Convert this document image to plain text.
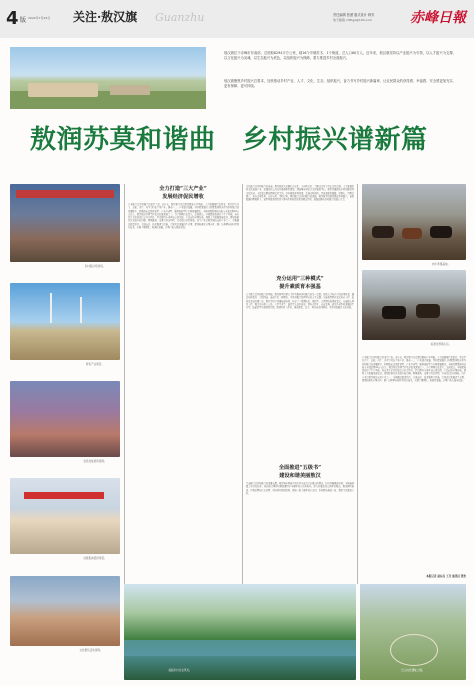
4 版 2022年7月26日 关注·敖汉旗 Guanzhu	责任编辑 张薇 版式设计 韩芳
电子邮箱 chfbgs@163.com	赤峰日報
敖汉旗位于赤峰市东南部，总面积8294平方公里，辖16个乡镇苏木、1个街道，总人口60万人。近年来，敖汉旗坚持以产业振兴为引领，以人才振兴为支撑，以文化振兴为灵魂，以生态振兴为底色，以组织振兴为保障，着力推进乡村全面振兴。
敖汉旗聚焦乡村振兴总要求，加快推动乡村产业、人才、文化、生态、组织振兴，奋力书写乡村振兴新篇章，让农民群众的获得感、幸福感、安全感更加充实、更有保障、更可持续。
敖润苏莫和谐曲　乡村振兴谱新篇
乡村振兴培训班。
特色产业项目。
农民技能培训现场。
村级集体经济项目。
文化惠民活动现场。
全力打造“三大产业”
发展经济促民增收
产业振兴是乡村振兴的重中之重。近年来，敖汉旗立足资源禀赋和产业基础，大力发展现代农牧业，着力打造谷子、杂粮、肉牛、肉羊等特色主导产业，推动一二三产业融合发展。坚持把发展壮大村级集体经济作为乡村振兴的重要抓手，积极探索资源开发型、产业带动型、服务创收型等多种发展模式，全旗村级集体经济收入全部达到10万元以上。敖汉旗是世界旱作农业的发源地之一，谷子种植历史悠久，品质优良。全旗建成优质谷子生产基地，培育龙头企业和农民专业合作社，打造敖汉小米区域公用品牌，产品远销全国各地。同时大力发展设施农业，建设标准化日光温室和冷棚，种植蔬菜、瓜果等经济作物，带动农民持续增收。肉牛产业是敖汉旗的支柱产业之一，全旗通过政策扶持、金融支持、技术服务等措施，引导农民发展肉牛养殖，建设标准化养殖小区，推广良种繁育和科学饲养技术，实现了规模化、标准化发展，养殖户收入稳步提高。
文化振兴是乡村振兴的灵魂。敖汉旗深入挖掘红山文化、小河西文化、兴隆洼文化等历史文化资源，大力发展乡村文化旅游产业。加强农村公共文化服务体系建设，建成嘎查村综合文化服务中心，组织开展形式多样的群众性文化活动，丰富农民群众精神文化生活。持续推进移风易俗，弘扬文明新风，评选表彰好婆婆、好媳妇、星级文明户，培育文明乡风、良好家风、淳朴民风。组织振兴是乡村振兴的保障，敖汉旗坚持抓党建促乡村振兴，选优配强村两委班子，发挥基层党组织战斗堡垒作用和党员先锋模范作用，凝聚起推动乡村振兴的强大合力。
充分运用“三种模式”
提升素质育本强基
人才振兴是乡村振兴的基础。敖汉旗坚持把人才作为推动乡村振兴的第一资源，创新人才培养引进使用机制，通过培训提升、引进回流、选派下沉三种模式，为乡村振兴提供坚实的人才支撑。实施新型职业农民培育工程，依托农业技术推广站、职业学校等开展技能培训，培养了一批懂技术、善经营、会管理的高素质农民。实施能人回乡工程，吸引外出务工人员、大学毕业生、退役军人返乡创业，领办合作社、家庭农场，成为带动乡村发展的生力军。选派优秀干部到村任职，组建驻村工作队，推动政策、资金、项目向农村倾斜，为乡村发展注入新动能。
全面推进“五级书”
建设和谐美丽敖汉
生态振兴是乡村振兴的重要支撑。敖汉旗牢固树立绿水青山就是金山银山的理念，持续开展植树造林，全旗森林覆盖率持续提升，曾获联合国环境规划署授予全球环境五百佳称号。深入开展农村人居环境整治，推进厕所革命、垃圾治理和污水治理，村容村貌明显改善，建成一批美丽乡村示范村，乡村面貌焕然一新，群众生活更加美好。
肉牛养殖基地。
标准化养殖小区。
产业振兴是乡村振兴的重中之重。近年来，敖汉旗立足资源禀赋和产业基础，大力发展现代农牧业，着力打造谷子、杂粮、肉牛、肉羊等特色主导产业，推动一二三产业融合发展。坚持把发展壮大村级集体经济作为乡村振兴的重要抓手，积极探索资源开发型、产业带动型、服务创收型等多种发展模式，全旗村级集体经济收入全部达到10万元以上。敖汉旗是世界旱作农业的发源地之一，谷子种植历史悠久，品质优良。全旗建成优质谷子生产基地，培育龙头企业和农民专业合作社，打造敖汉小米区域公用品牌，产品远销全国各地。同时大力发展设施农业，建设标准化日光温室和冷棚，种植蔬菜、瓜果等经济作物，带动农民持续增收。肉牛产业是敖汉旗的支柱产业之一，全旗通过政策扶持、金融支持、技术服务等措施，引导农民发展肉牛养殖，建设标准化养殖小区，推广良种繁育和科学饲养技术，实现了规模化、标准化发展，养殖户收入稳步提高。
本报记者 赵东亮 王丹 通讯员 张智
美丽乡村生态风光。	红山文化遗址公园。
